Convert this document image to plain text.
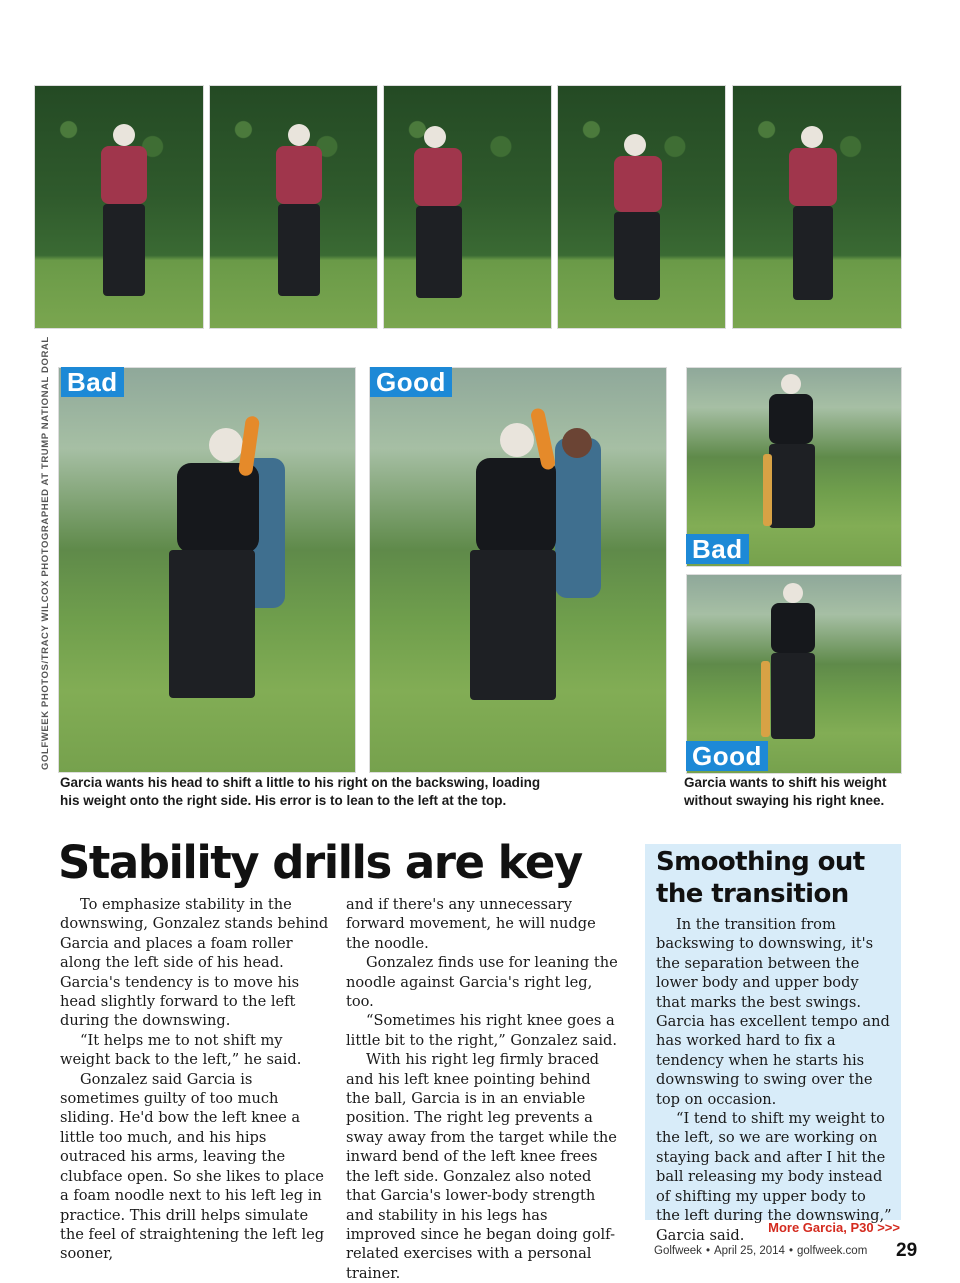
Bad	Good
Bad
Good
GOLFWEEK PHOTOS/TRACY WILCOX PHOTOGRAPHED AT TRUMP NATIONAL DORAL
Garcia wants his head to shift a little to his right on the backswing, loading his weight onto the right side. His error is to lean to the left at the top.
Garcia wants to shift his weight without swaying his right knee.
Stability drills are key

To emphasize stability in the downswing, Gonzalez stands behind Garcia and places a foam roller along the left side of his head. Garcia's tendency is to move his head slightly forward to the left during the downswing.

“It helps me to not shift my weight back to the left,” he said.

Gonzalez said Garcia is sometimes guilty of too much sliding. He'd bow the left knee a little too much, and his hips outraced his arms, leaving the clubface open. So she likes to place a foam noodle next to his left leg in practice. This drill helps simulate the feel of straightening the left leg sooner,

and if there's any unnecessary forward movement, he will nudge the noodle.

Gonzalez finds use for leaning the noodle against Garcia's right leg, too.

“Sometimes his right knee goes a little bit to the right,” Gonzalez said.

With his right leg firmly braced and his left knee pointing behind the ball, Garcia is in an enviable position. The right leg prevents a sway away from the target while the inward bend of the left knee frees the left side. Gonzalez also noted that Garcia's lower-body strength and stability in his legs has improved since he began doing golf-related exercises with a personal trainer.

Smoothing out the transition

In the transition from backswing to downswing, it's the separation between the lower body and upper body that marks the best swings. Garcia has excellent tempo and has worked hard to fix a tendency when he starts his downswing to swing over the top on occasion.

“I tend to shift my weight to the left, so we are working on staying back and after I hit the ball releasing my body instead of shifting my upper body to the left during the downswing,” Garcia said.	More Garcia, P30 >>>
Golfweek • April 25, 2014 • golfweek.com 29
